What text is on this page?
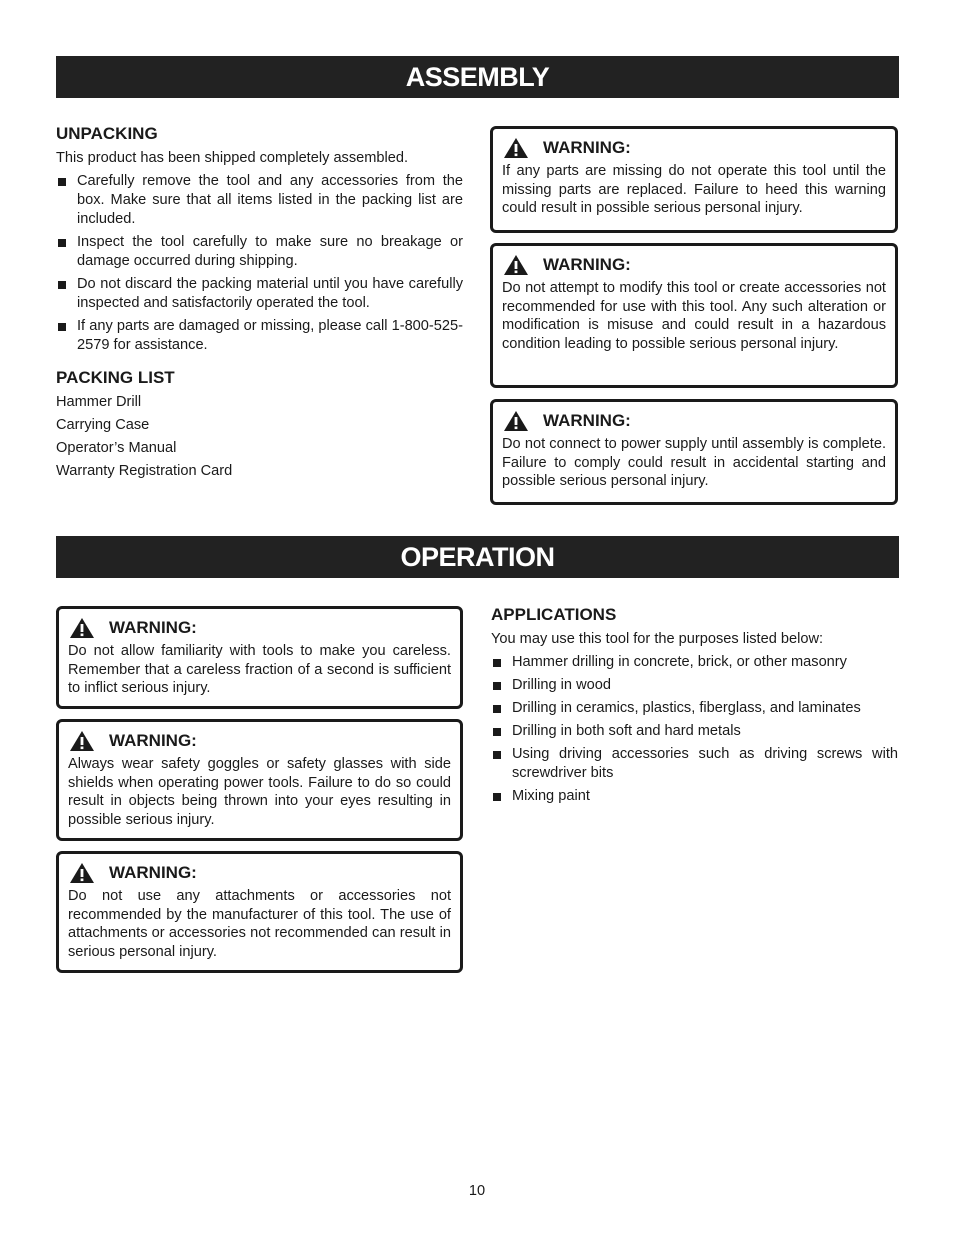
ASSEMBLY
UNPACKING

This product has been shipped completely assembled.

Carefully remove the tool and any accessories from the box. Make sure that all items listed in the packing list are included.
Inspect the tool carefully to make sure no breakage or damage occurred during shipping.
Do not discard the packing material until you have carefully inspected and satisfactorily operated the tool.
If any parts are damaged or missing, please call 1-800-525-2579 for assistance.
PACKING LIST
Hammer Drill
Carrying Case
Operator’s Manual
Warranty Registration Card
WARNING:
If any parts are missing do not operate this tool until the missing parts are replaced. Failure to heed this warning could result in possible serious personal injury.
WARNING:
Do not attempt to modify this tool or create accessories not recommended for use with this tool. Any such alteration or modification is misuse and could result in a hazardous condition leading to possible serious personal injury.
WARNING:
Do not connect to power supply until assembly is complete. Failure to comply could result in accidental starting and possible serious personal injury.
OPERATION
WARNING:
Do not allow familiarity with tools to make you careless. Remember that a careless fraction of a second is sufficient to inflict serious injury.
WARNING:
Always wear safety goggles or safety glasses with side shields when operating power tools. Failure to do so could result in objects being thrown into your eyes resulting in possible serious injury.
WARNING:
Do not use any attachments or accessories not recommended by the manufacturer of this tool. The use of attachments or accessories not recommended can result in serious personal injury.
APPLICATIONS

You may use this tool for the purposes listed below:

Hammer drilling in concrete, brick, or other masonry
Drilling in wood
Drilling in ceramics, plastics, fiberglass, and laminates
Drilling in both soft and hard metals
Using driving accessories such as driving screws with screwdriver bits
Mixing paint
10
